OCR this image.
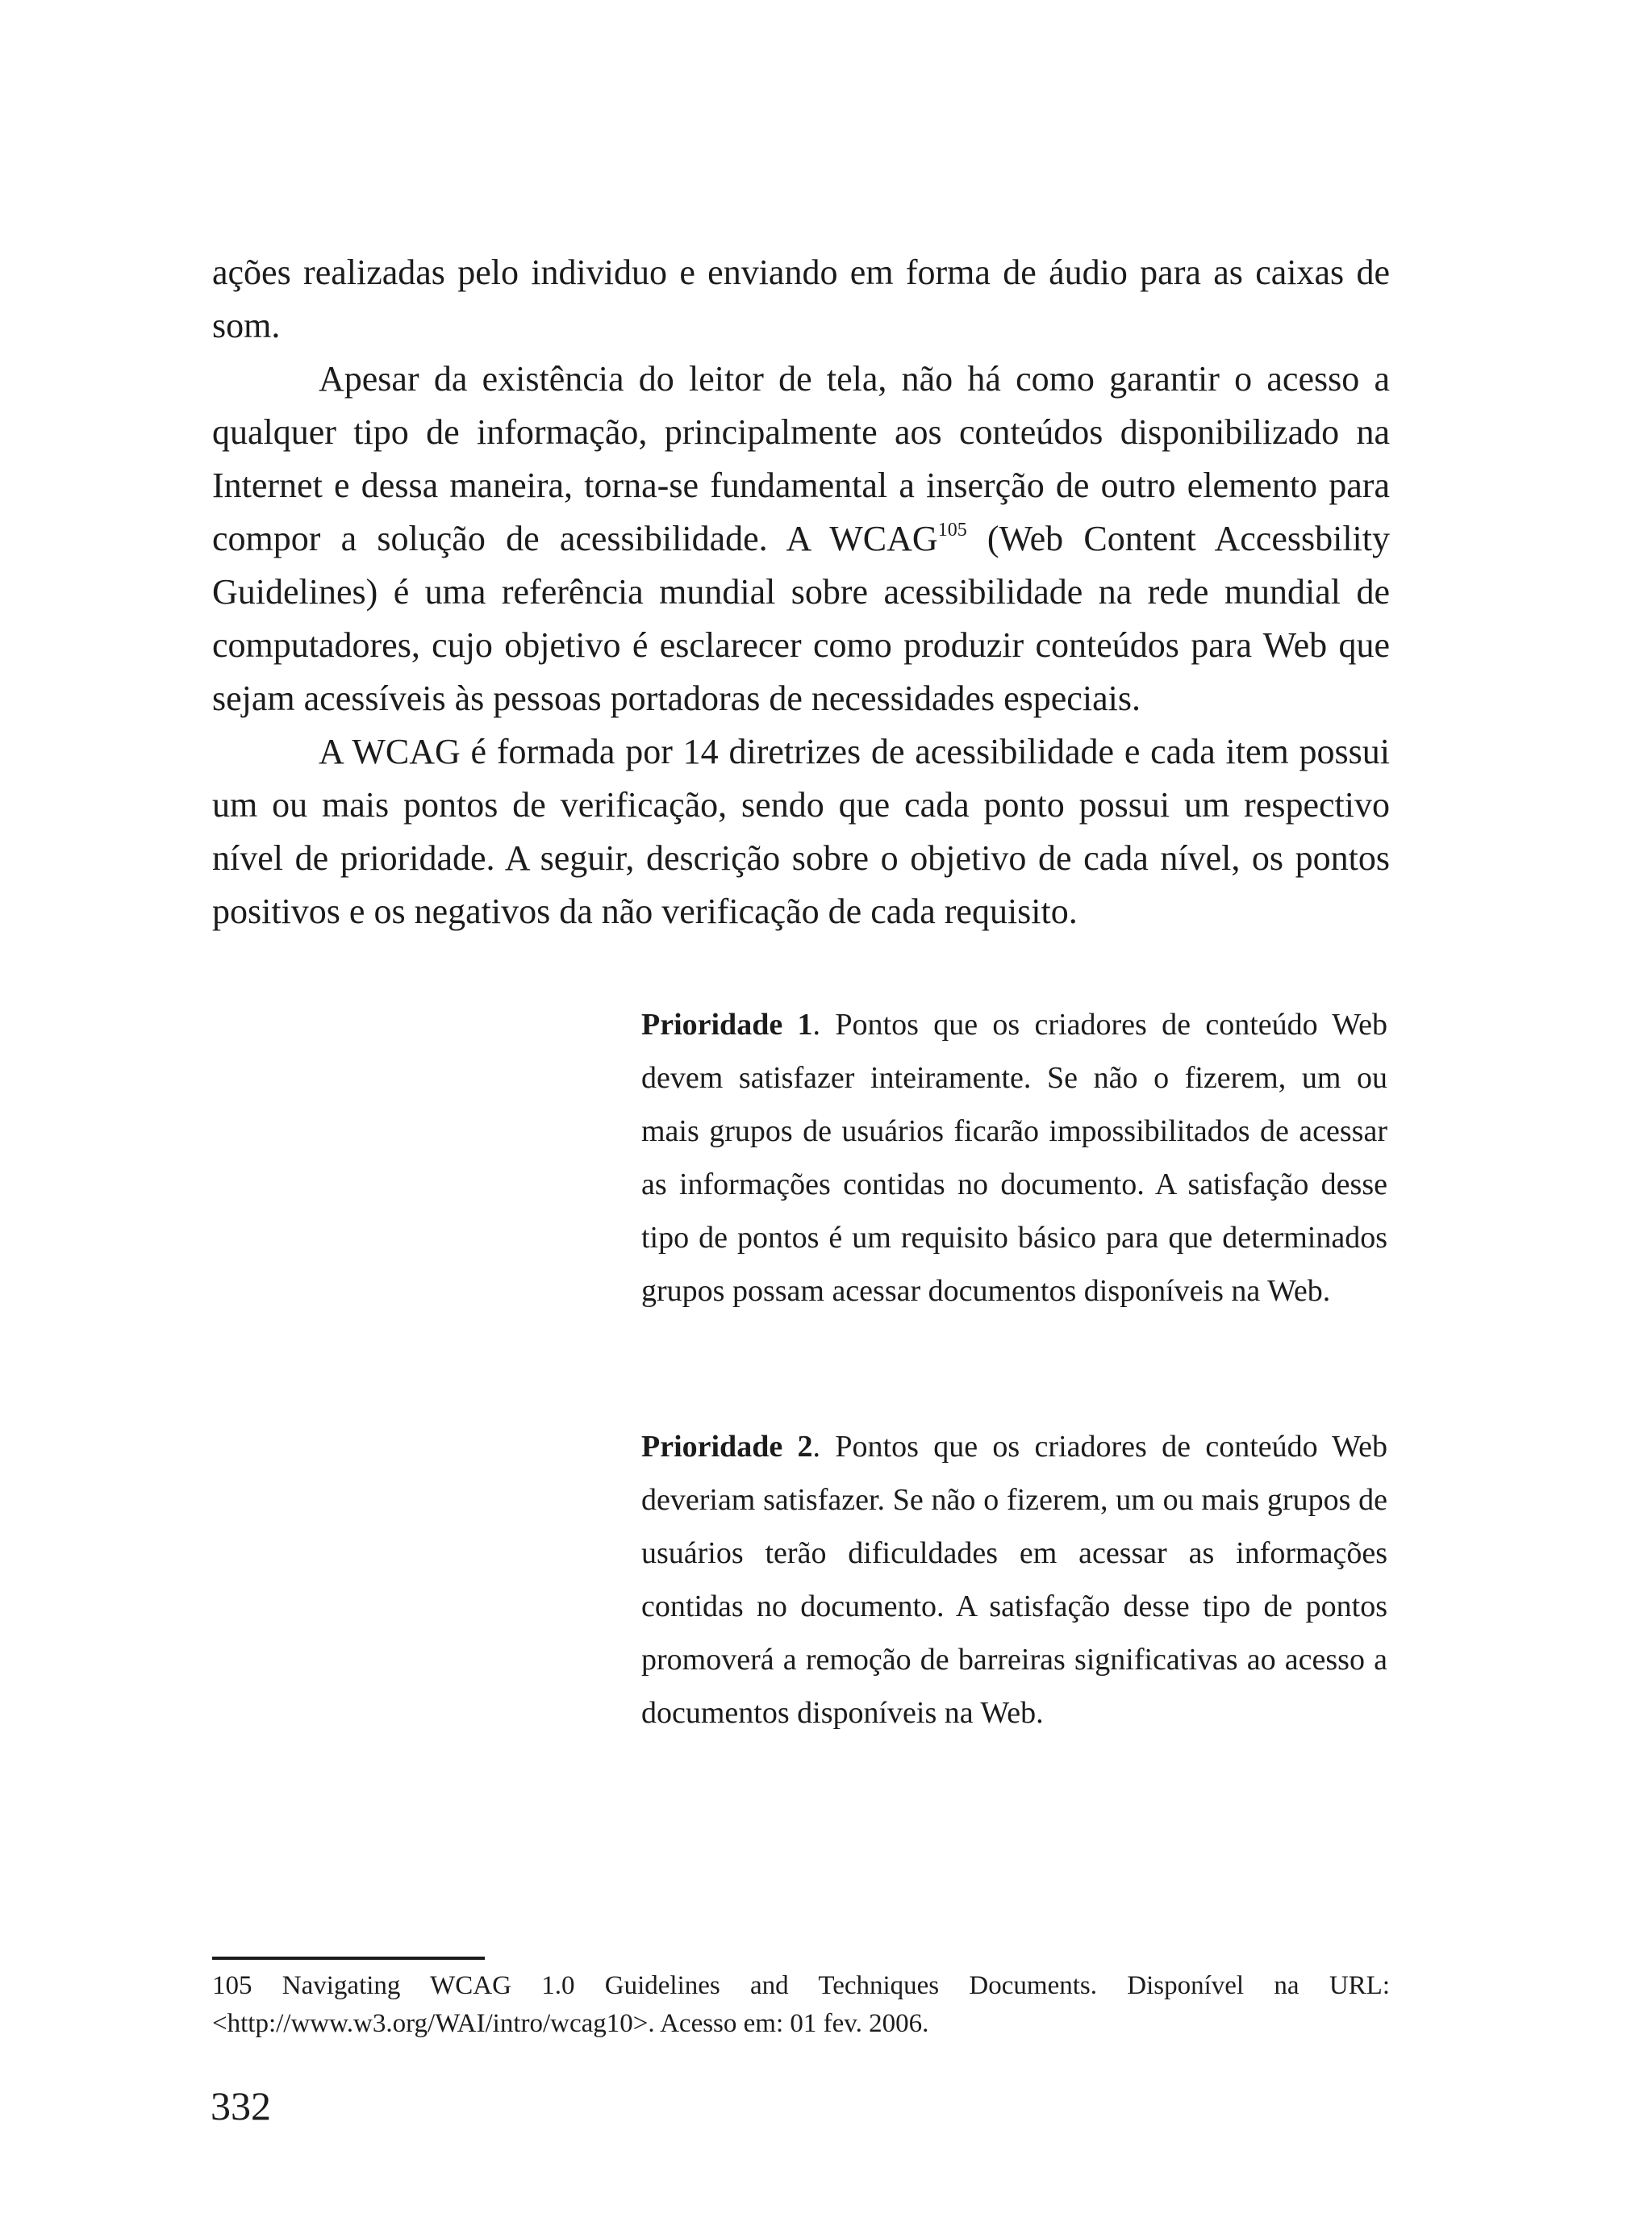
ações realizadas pelo individuo e enviando em forma de áudio para as caixas de som.

Apesar da existência do leitor de tela, não há como garantir o acesso a qualquer tipo de informação, principalmente aos conteúdos disponibilizado na Internet e dessa maneira, torna-se fundamental a inserção de outro elemento para compor a solução de acessibilidade. A WCAG$^{105}$ (Web Content Accessbility Guidelines) é uma referência mundial sobre acessibilidade na rede mundial de computadores, cujo objetivo é esclarecer como produzir conteúdos para Web que sejam acessíveis às pessoas portadoras de necessidades especiais.

A WCAG é formada por 14 diretrizes de acessibilidade e cada item possui um ou mais pontos de verificação, sendo que cada ponto possui um respectivo nível de prioridade. A seguir, descrição sobre o objetivo de cada nível, os pontos positivos e os negativos da não verificação de cada requisito.

Prioridade 1. Pontos que os criadores de conteúdo Web devem satisfazer inteiramente. Se não o fizerem, um ou mais grupos de usuários ficarão impossibilitados de acessar as informações contidas no documento. A satisfação desse tipo de pontos é um requisito básico para que determinados grupos possam acessar documentos disponíveis na Web.

Prioridade 2. Pontos que os criadores de conteúdo Web deveriam satisfazer. Se não o fizerem, um ou mais grupos de usuários terão dificuldades em acessar as informações contidas no documento. A satisfação desse tipo de pontos promoverá a remoção de barreiras significativas ao acesso a documentos disponíveis na Web.

105 Navigating WCAG 1.0 Guidelines and Techniques Documents. Disponível na URL: <http://www.w3.org/WAI/intro/wcag10>. Acesso em: 01 fev. 2006.

332
